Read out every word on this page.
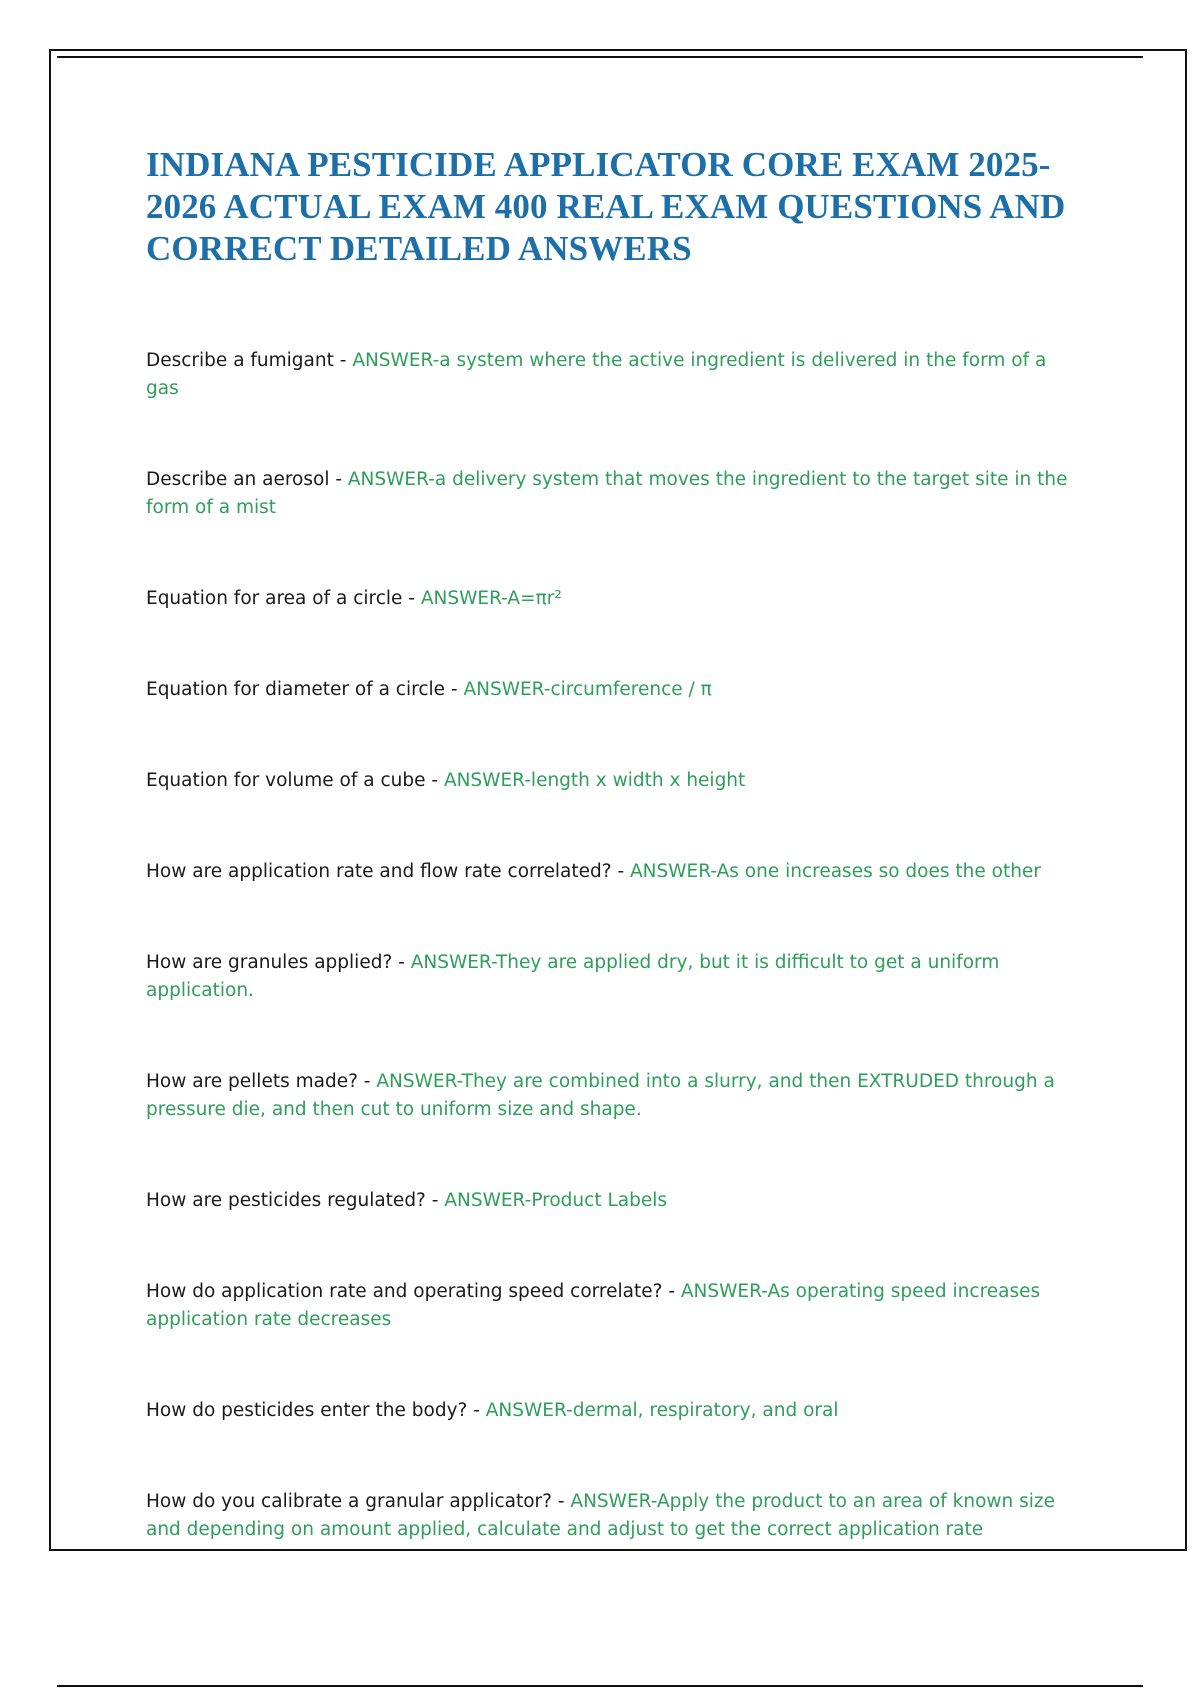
INDIANA PESTICIDE APPLICATOR CORE EXAM 2025-2026 ACTUAL EXAM 400 REAL EXAM QUESTIONS AND CORRECT DETAILED ANSWERS
Describe a fumigant - ANSWER-a system where the active ingredient is delivered in the form of a gas
Describe an aerosol - ANSWER-a delivery system that moves the ingredient to the target site in the form of a mist
Equation for area of a circle - ANSWER-A=πr²
Equation for diameter of a circle - ANSWER-circumference / π
Equation for volume of a cube - ANSWER-length x width x height
How are application rate and flow rate correlated? - ANSWER-As one increases so does the other
How are granules applied? - ANSWER-They are applied dry, but it is difficult to get a uniform application.
How are pellets made? - ANSWER-They are combined into a slurry, and then EXTRUDED through a pressure die, and then cut to uniform size and shape.
How are pesticides regulated? - ANSWER-Product Labels
How do application rate and operating speed correlate? - ANSWER-As operating speed increases application rate decreases
How do pesticides enter the body? - ANSWER-dermal, respiratory, and oral
How do you calibrate a granular applicator? - ANSWER-Apply the product to an area of known size and depending on amount applied, calculate and adjust to get the correct application rate
